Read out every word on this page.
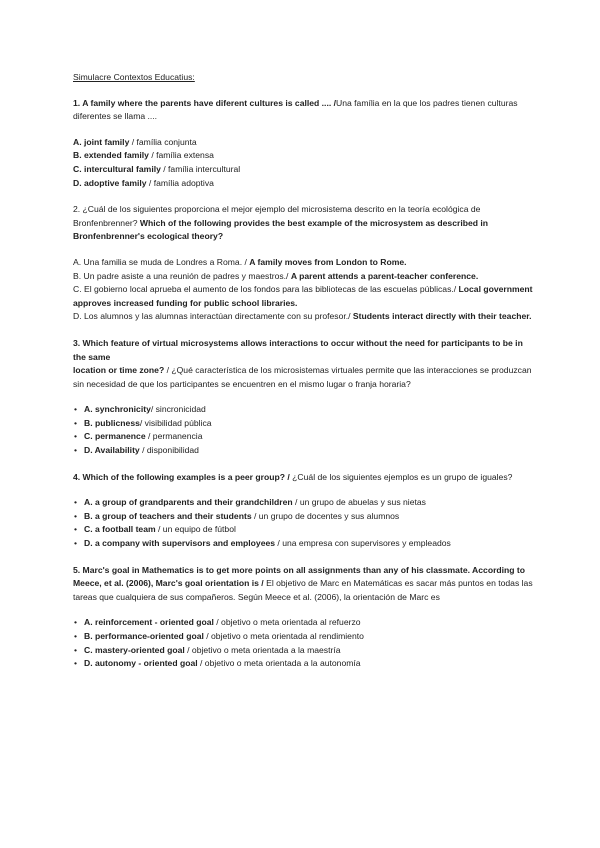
Simulacre Contextos Educatius:

1. A family where the parents have diferent cultures is called .... /Una família en la que los padres tienen culturas diferentes se llama ....

A. joint family / família conjunta

B. extended family / família extensa

C. intercultural family / família intercultural

D. adoptive family / família adoptiva

2. ¿Cuál de los siguientes proporciona el mejor ejemplo del microsistema descrito en la teoría ecológica de Bronfenbrenner? Which of the following provides the best example of the microsystem as described in Bronfenbrenner's ecological theory?

A. Una familia se muda de Londres a Roma. / A family moves from London to Rome.

B. Un padre asiste a una reunión de padres y maestros./ A parent attends a parent-teacher conference.

C. El gobierno local aprueba el aumento de los fondos para las bibliotecas de las escuelas públicas./ Local government approves increased funding for public school libraries.

D. Los alumnos y las alumnas interactúan directamente con su profesor./ Students interact directly with their teacher.

3. Which feature of virtual microsystems allows interactions to occur without the need for participants to be in the same
location or time zone? / ¿Qué característica de los microsistemas virtuales permite que las interacciones se produzcan sin necesidad de que los participantes se encuentren en el mismo lugar o franja horaria?

• A. synchronicity/ sincronicidad
• B. publicness/ visibilidad pública
• C. permanence / permanencia
• D. Availability / disponibilidad

4. Which of the following examples is a peer group? / ¿Cuál de los siguientes ejemplos es un grupo de iguales?

• A. a group of grandparents and their grandchildren / un grupo de abuelas y sus nietas
• B. a group of teachers and their students / un grupo de docentes y sus alumnos
• C. a football team / un equipo de fútbol
• D. a company with supervisors and employees / una empresa con supervisores y empleados

5. Marc's goal in Mathematics is to get more points on all assignments than any of his classmate. According to Meece, et al. (2006), Marc's goal orientation is / El objetivo de Marc en Matemáticas es sacar más puntos en todas las tareas que cualquiera de sus compañeros. Según Meece et al. (2006), la orientación de Marc es

• A. reinforcement - oriented goal / objetivo o meta orientada al refuerzo
• B. performance-oriented goal / objetivo o meta orientada al rendimiento
• C. mastery-oriented goal / objetivo o meta orientada a la maestría
• D. autonomy - oriented goal / objetivo o meta orientada a la autonomía
